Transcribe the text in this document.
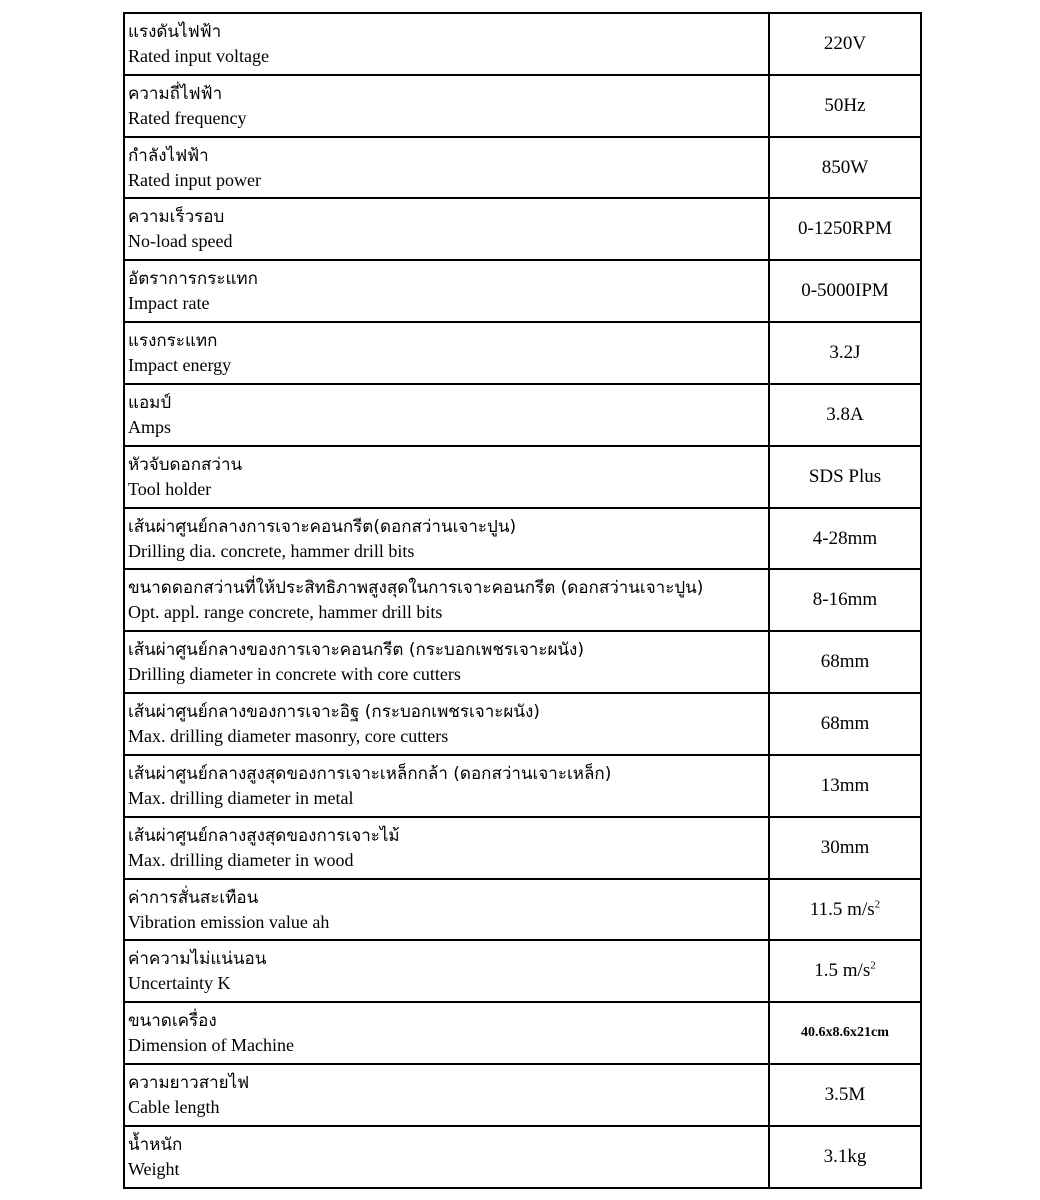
แรงดันไฟฟ้า
Rated input voltage	220V

ความถี่ไฟฟ้า
Rated frequency	50Hz

กำลังไฟฟ้า
Rated input power	850W

ความเร็วรอบ
No-load speed	0-1250RPM

อัตราการกระแทก
Impact rate	0-5000IPM

แรงกระแทก
Impact energy	3.2J

แอมป์
Amps	3.8A

หัวจับดอกสว่าน
Tool holder	SDS Plus

เส้นผ่าศูนย์กลางการเจาะคอนกรีต(ดอกสว่านเจาะปูน)
Drilling dia. concrete, hammer drill bits	4-28mm

ขนาดดอกสว่านที่ให้ประสิทธิภาพสูงสุดในการเจาะคอนกรีต (ดอกสว่านเจาะปูน)
Opt. appl. range concrete, hammer drill bits	8-16mm

เส้นผ่าศูนย์กลางของการเจาะคอนกรีต (กระบอกเพชรเจาะผนัง)
Drilling diameter in concrete with core cutters	68mm

เส้นผ่าศูนย์กลางของการเจาะอิฐ (กระบอกเพชรเจาะผนัง)
Max. drilling diameter masonry, core cutters	68mm

เส้นผ่าศูนย์กลางสูงสุดของการเจาะเหล็กกล้า (ดอกสว่านเจาะเหล็ก)
Max. drilling diameter in metal	13mm

เส้นผ่าศูนย์กลางสูงสุดของการเจาะไม้
Max. drilling diameter in wood	30mm

ค่าการสั่นสะเทือน
Vibration emission value ah	11.5 $m/s^2$

ค่าความไม่แน่นอน
Uncertainty K	1.5 $m/s^2$

ขนาดเครื่อง
Dimension of Machine	40.6x8.6x21cm

ความยาวสายไฟ
Cable length	3.5M

น้ำหนัก
Weight	3.1kg
